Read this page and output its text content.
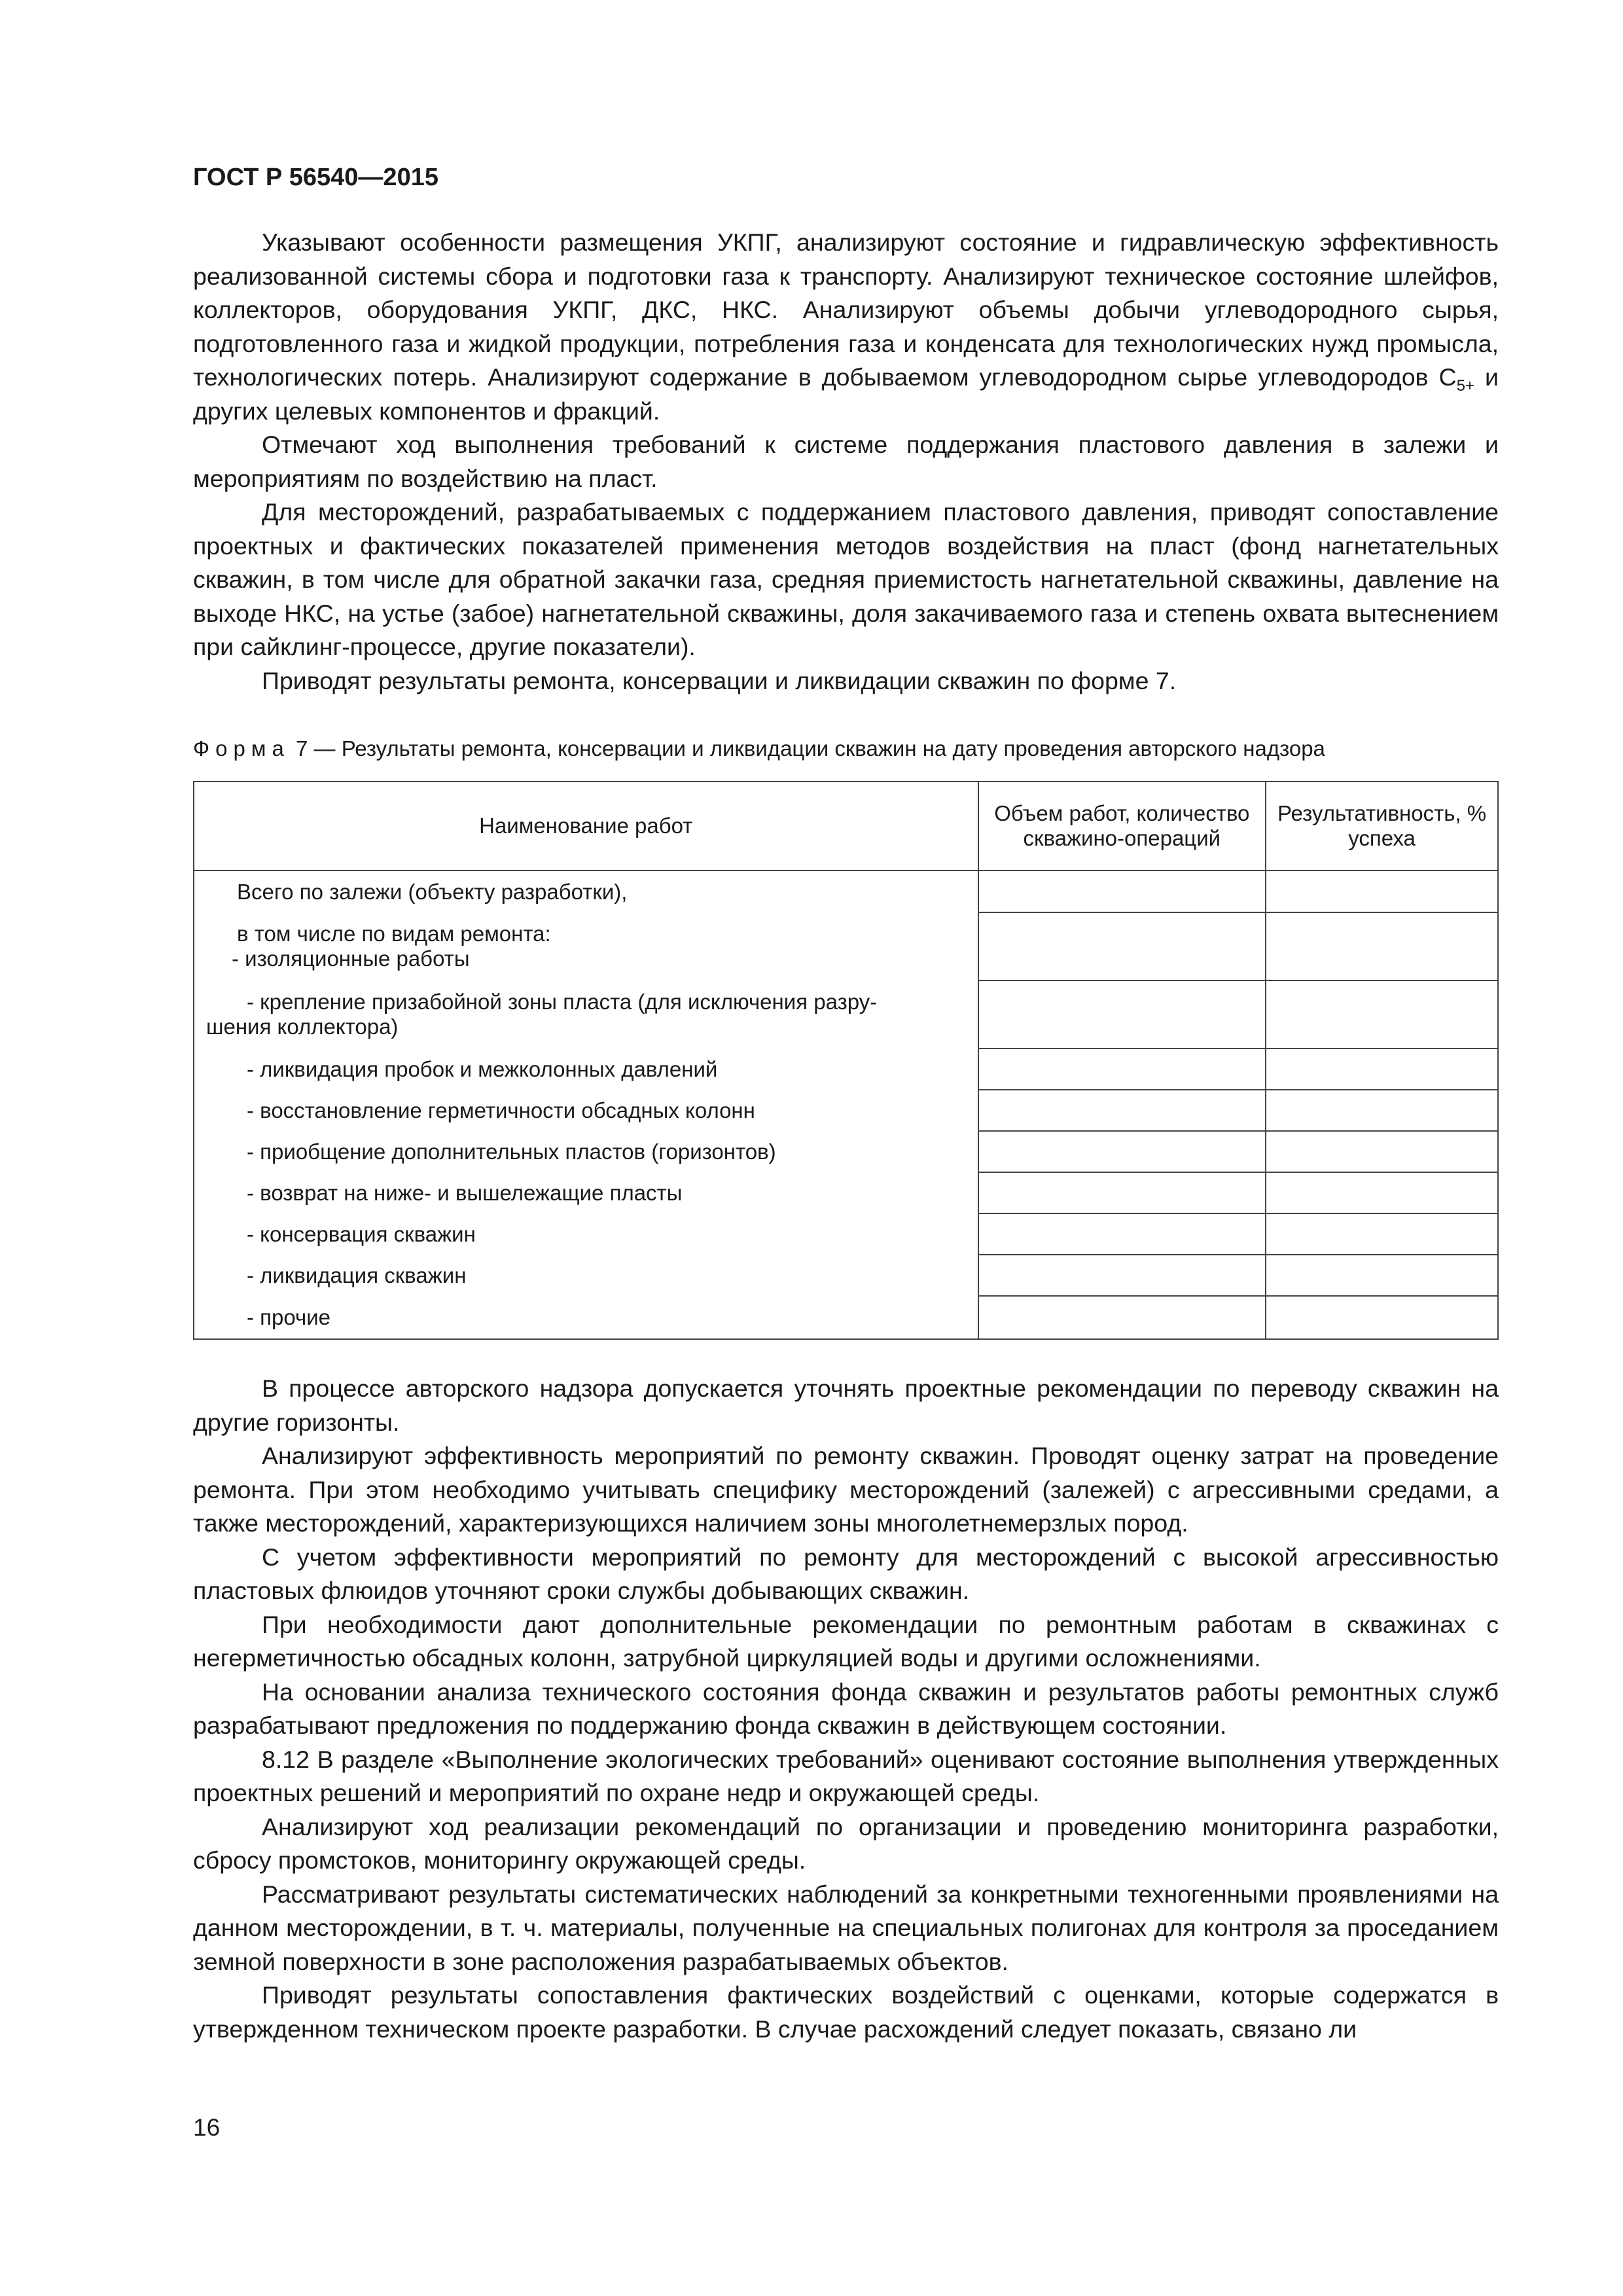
ГОСТ Р 56540—2015

Указывают особенности размещения УКПГ, анализируют состояние и гидравлическую эффективность реализованной системы сбора и подготовки газа к транспорту. Анализируют техническое состояние шлейфов, коллекторов, оборудования УКПГ, ДКС, НКС. Анализируют объемы добычи углеводородного сырья, подготовленного газа и жидкой продукции, потребления газа и конденсата для технологических нужд промысла, технологических потерь. Анализируют содержание в добываемом углеводородном сырье углеводородов $С_{5+}$ и других целевых компонентов и фракций.

Отмечают ход выполнения требований к системе поддержания пластового давления в залежи и мероприятиям по воздействию на пласт.

Для месторождений, разрабатываемых с поддержанием пластового давления, приводят сопоставление проектных и фактических показателей применения методов воздействия на пласт (фонд нагнетательных скважин, в том числе для обратной закачки газа, средняя приемистость нагнетательной скважины, давление на выходе НКС, на устье (забое) нагнетательной скважины, доля закачиваемого газа и степень охвата вытеснением при сайклинг-процессе, другие показатели).

Приводят результаты ремонта, консервации и ликвидации скважин по форме 7.

Форма 7 — Результаты ремонта, консервации и ликвидации скважин на дату проведения авторского надзора
Наименование работ	Объем работ, количество скважино-операций	Результативность, % успеха
Всего по залежи (объекту разработки),		

в том числе по видам ремонта:
- изоляционные работы		

- крепление призабойной зоны пласта (для исключения разру-
шения коллектора)		

- ликвидация пробок и межколонных давлений		
- восстановление герметичности обсадных колонн		
- приобщение дополнительных пластов (горизонтов)		
- возврат на ниже- и вышележащие пласты		
- консервация скважин		
- ликвидация скважин		
- прочие		

В процессе авторского надзора допускается уточнять проектные рекомендации по переводу скважин на другие горизонты.

Анализируют эффективность мероприятий по ремонту скважин. Проводят оценку затрат на проведение ремонта. При этом необходимо учитывать специфику месторождений (залежей) с агрессивными средами, а также месторождений, характеризующихся наличием зоны многолетнемерзлых пород.

С учетом эффективности мероприятий по ремонту для месторождений с высокой агрессивностью пластовых флюидов уточняют сроки службы добывающих скважин.

При необходимости дают дополнительные рекомендации по ремонтным работам в скважинах с негерметичностью обсадных колонн, затрубной циркуляцией воды и другими осложнениями.

На основании анализа технического состояния фонда скважин и результатов работы ремонтных служб разрабатывают предложения по поддержанию фонда скважин в действующем состоянии.

8.12 В разделе «Выполнение экологических требований» оценивают состояние выполнения утвержденных проектных решений и мероприятий по охране недр и окружающей среды.

Анализируют ход реализации рекомендаций по организации и проведению мониторинга разработки, сбросу промстоков, мониторингу окружающей среды.

Рассматривают результаты систематических наблюдений за конкретными техногенными проявлениями на данном месторождении, в т. ч. материалы, полученные на специальных полигонах для контроля за проседанием земной поверхности в зоне расположения разрабатываемых объектов.

Приводят результаты сопоставления фактических воздействий с оценками, которые содержатся в утвержденном техническом проекте разработки. В случае расхождений следует показать, связано ли

16
